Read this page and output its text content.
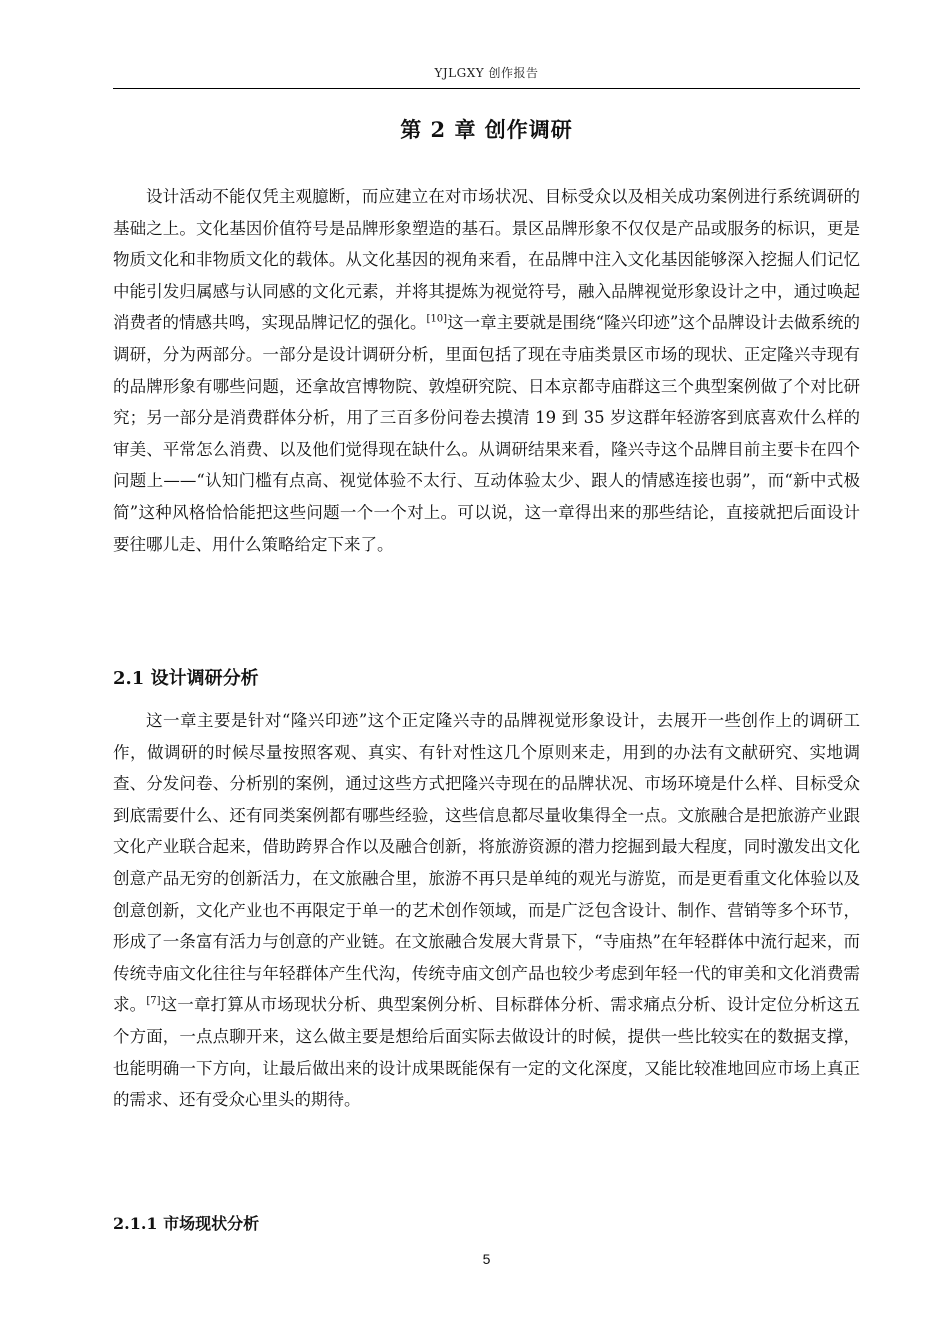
YJLGXY 创作报告
第 2 章 创作调研

设计活动不能仅凭主观臆断，而应建立在对市场状况、目标受众以及相关成功案例进行系统调研的基础之上。文化基因价值符号是品牌形象塑造的基石。景区品牌形象不仅仅是产品或服务的标识，更是物质文化和非物质文化的载体。从文化基因的视角来看，在品牌中注入文化基因能够深入挖掘人们记忆中能引发归属感与认同感的文化元素，并将其提炼为视觉符号，融入品牌视觉形象设计之中，通过唤起消费者的情感共鸣，实现品牌记忆的强化。[10]这一章主要就是围绕“隆兴印迹”这个品牌设计去做系统的调研，分为两部分。一部分是设计调研分析，里面包括了现在寺庙类景区市场的现状、正定隆兴寺现有的品牌形象有哪些问题，还拿故宫博物院、敦煌研究院、日本京都寺庙群这三个典型案例做了个对比研究；另一部分是消费群体分析，用了三百多份问卷去摸清 19 到 35 岁这群年轻游客到底喜欢什么样的审美、平常怎么消费、以及他们觉得现在缺什么。从调研结果来看，隆兴寺这个品牌目前主要卡在四个问题上——“认知门槛有点高、视觉体验不太行、互动体验太少、跟人的情感连接也弱”，而“新中式极简”这种风格恰恰能把这些问题一个一个对上。可以说，这一章得出来的那些结论，直接就把后面设计要往哪儿走、用什么策略给定下来了。

2.1 设计调研分析

这一章主要是针对“隆兴印迹”这个正定隆兴寺的品牌视觉形象设计，去展开一些创作上的调研工作，做调研的时候尽量按照客观、真实、有针对性这几个原则来走，用到的办法有文献研究、实地调查、分发问卷、分析别的案例，通过这些方式把隆兴寺现在的品牌状况、市场环境是什么样、目标受众到底需要什么、还有同类案例都有哪些经验，这些信息都尽量收集得全一点。文旅融合是把旅游产业跟文化产业联合起来，借助跨界合作以及融合创新，将旅游资源的潜力挖掘到最大程度，同时激发出文化创意产品无穷的创新活力，在文旅融合里，旅游不再只是单纯的观光与游览，而是更看重文化体验以及创意创新，文化产业也不再限定于单一的艺术创作领域，而是广泛包含设计、制作、营销等多个环节，形成了一条富有活力与创意的产业链。在文旅融合发展大背景下，“寺庙热”在年轻群体中流行起来，而传统寺庙文化往往与年轻群体产生代沟，传统寺庙文创产品也较少考虑到年轻一代的审美和文化消费需求。[7]这一章打算从市场现状分析、典型案例分析、目标群体分析、需求痛点分析、设计定位分析这五个方面，一点点聊开来，这么做主要是想给后面实际去做设计的时候，提供一些比较实在的数据支撑，也能明确一下方向，让最后做出来的设计成果既能保有一定的文化深度，又能比较准地回应市场上真正的需求、还有受众心里头的期待。

2.1.1 市场现状分析
5
